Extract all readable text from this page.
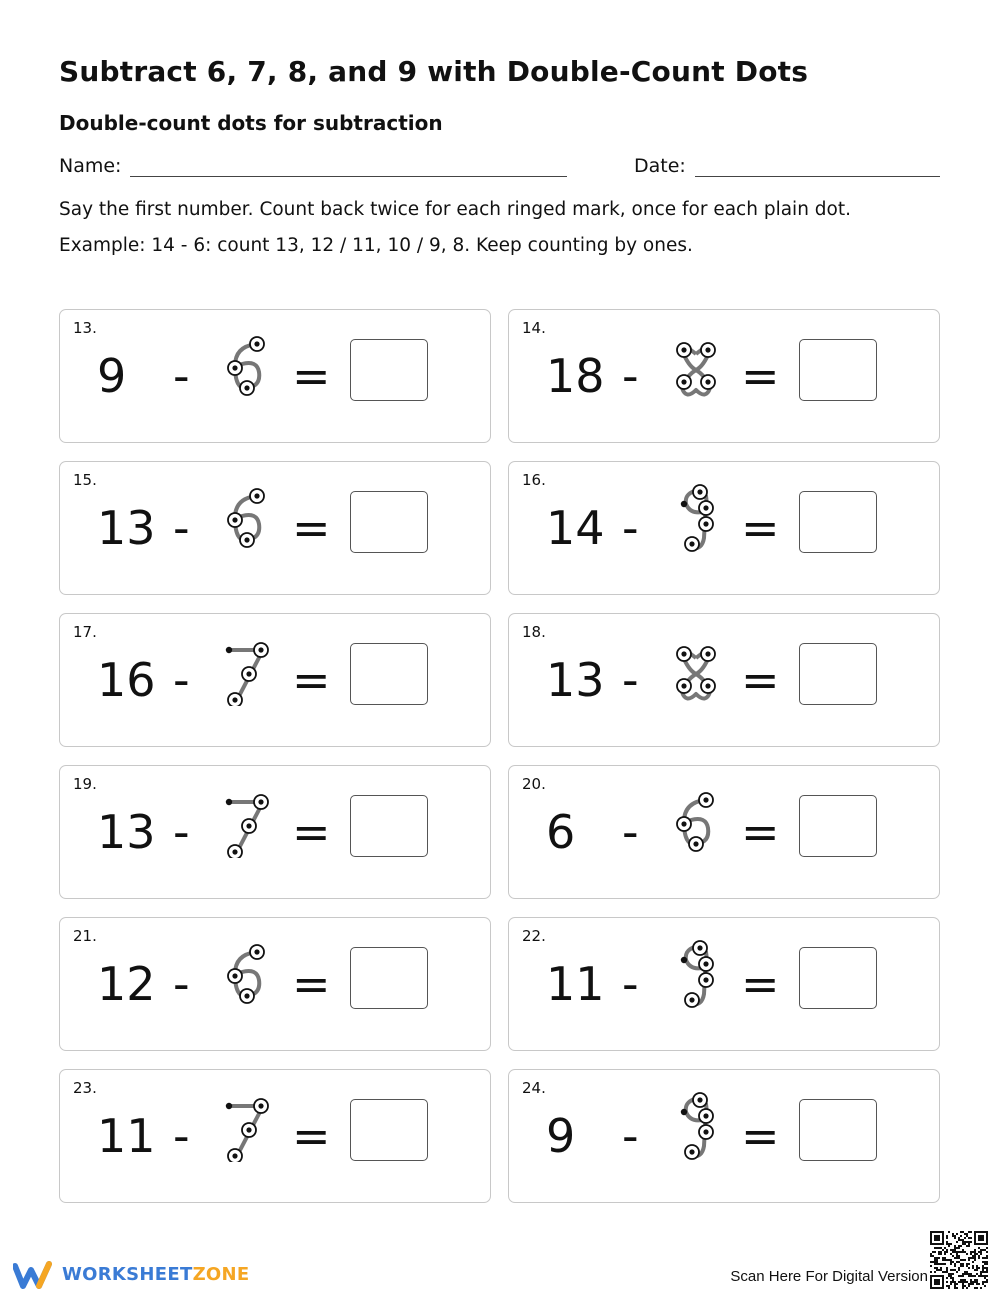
Subtract 6, 7, 8, and 9 with Double-Count Dots
Double-count dots for subtraction
Name:	Date:

Say the first number. Count back twice for each ringed mark, once for each plain dot.

Example: 14 - 6: count 13, 12 / 11, 10 / 9, 8. Keep counting by ones.

13.
9 - =
14.
18 - =
15.
13 - =
16.
14 - =
17.
16 - =
18.
13 - =
19.
13 - =
20.
6 - =
21.
12 - =
22.
11 - =
23.
11 - =
24.
9 - =
WORKSHEETZONE	Scan Here For Digital Version
